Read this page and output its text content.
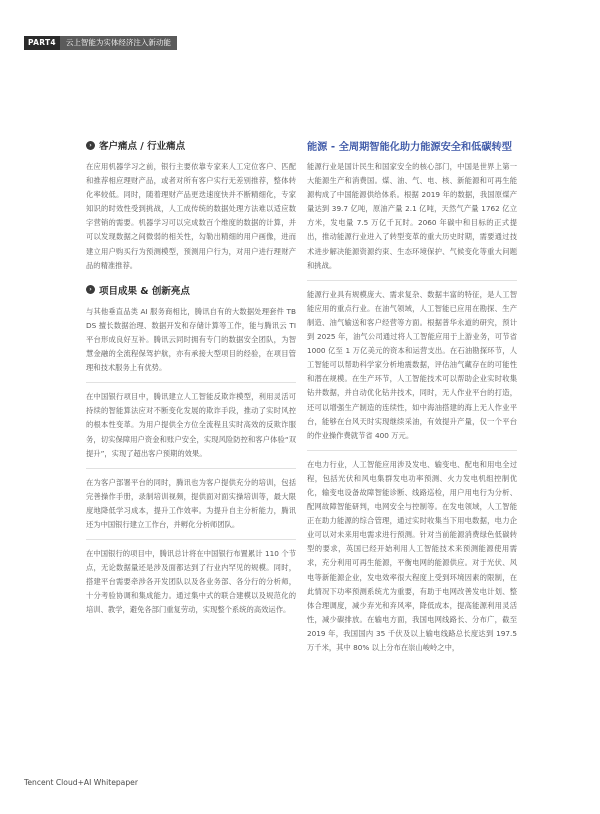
PART4	云上智能为实体经济注入新动能
› 客户痛点 / 行业痛点

在应用机器学习之前，银行主要依靠专家来人工定位客户、匹配和推荐相应理财产品，或者对所有客户实行无差别推荐，整体转化率较低。同时，随着理财产品更迭速度快并不断精细化，专家知识的时效性受到挑战，人工成传统的数据处理方法难以适应数字营销的需要。机器学习可以完成数百个维度的数据的计算，并可以发现数据之间微弱的相关性，勾勒出精细的用户画像，进而建立用户购买行为预测模型，预测用户行为，对用户进行理财产品的精准推荐。

› 项目成果 & 创新亮点

与其他垂直品类 AI 服务商相比，腾讯自有的大数据处理套件 TBDS 擅长数据治理、数据开发和存储计算等工作，能与腾讯云 TI 平台形成良好互补。腾讯云同时拥有专门的数据安全团队，为智慧金融的全流程保驾护航，亦有承接大型项目的经验，在项目管理和技术服务上有优势。

在中国银行项目中，腾讯建立人工智能反欺诈模型，利用灵活可持续的智能算法应对不断变化发展的欺诈手段，推动了实时风控的根本性变革。为用户提供全方位全流程且实时高效的反欺诈服务，切实保障用户资金和账户安全，实现风险防控和客户体验“双提升”，实现了超出客户预期的效果。

在为客户部署平台的同时，腾讯也为客户提供充分的培训，包括完善操作手册，录制培训视频，提供面对面实操培训等，最大限度地降低学习成本，提升工作效率。为提升自主分析能力，腾讯还为中国银行建立工作台，并孵化分析师团队。

在中国银行的项目中，腾讯总计将在中国银行布置累计 110 个节点，无论数据量还是涉及面都达到了行业内罕见的规模。同时，搭建平台需要牵涉各开发团队以及各业务部、各分行的分析师，十分考验协调和集成能力。通过集中式的联合建模以及规范化的培训、教学，避免各部门重复劳动，实现整个系统的高效运作。

能源 - 全周期智能化助力能源安全和低碳转型

能源行业是国计民生和国家安全的核心部门，中国是世界上第一大能源生产和消费国。煤、油、气、电、核、新能源和可再生能源构成了中国能源供给体系。根据 2019 年的数据，我国原煤产量达到 39.7 亿吨，原油产量 2.1 亿吨，天然气产量 1762 亿立方米，发电量 7.5 万亿千瓦时。2060 年碳中和目标的正式提出，推动能源行业进入了转型变革的重大历史时期，需要通过技术进步解决能源资源约束、生态环境保护、气候变化等重大问题和挑战。

能源行业具有规模庞大、需求复杂、数据丰富的特征，是人工智能应用的重点行业。在油气领域，人工智能已应用在勘探、生产制造、油气输送和客户经营等方面。根据普华永道的研究，预计到 2025 年，油气公司通过将人工智能应用于上游业务，可节省 1000 亿至 1 万亿美元的资本和运营支出。在石油勘探环节，人工智能可以帮助科学家分析地震数据，评估油气藏存在的可能性和潜在规模。在生产环节，人工智能技术可以帮助企业实时收集钻井数据，并自动优化钻井技术，同时，无人作业平台的打造，还可以增强生产制造的连续性，如中海油搭建的海上无人作业平台，能够在台风天时实现继续采油，有效提升产量，仅一个平台的作业操作费就节省 400 万元。

在电力行业，人工智能应用涉及发电、输变电、配电和用电全过程，包括光伏和风电集群发电功率预测、火力发电机组控制优化，输变电设备故障智能诊断、线路巡检，用户用电行为分析、配网故障智能研判，电网安全与控制等。在发电领域，人工智能正在助力能源的综合管理，通过实时收集当下用电数据，电力企业可以对未来用电需求进行预测。针对当前能源消费绿色低碳转型的要求，英国已经开始利用人工智能技术来预测能源使用需求，充分利用可再生能源，平衡电网的能源供应。对于光伏、风电等新能源企业，发电效率很大程度上受到环境因素的限制，在此情况下功率预测系统尤为重要，有助于电网改善发电计划、整体合理调度，减少弃光和弃风率，降低成本，提高能源利用灵活性，减少碳排放。在输电方面，我国电网线路长、分布广，截至 2019 年，我国国内 35 千伏及以上输电线路总长度达到 197.5 万千米，其中 80% 以上分布在崇山峻岭之中，

Tencent Cloud+AI Whitepaper
